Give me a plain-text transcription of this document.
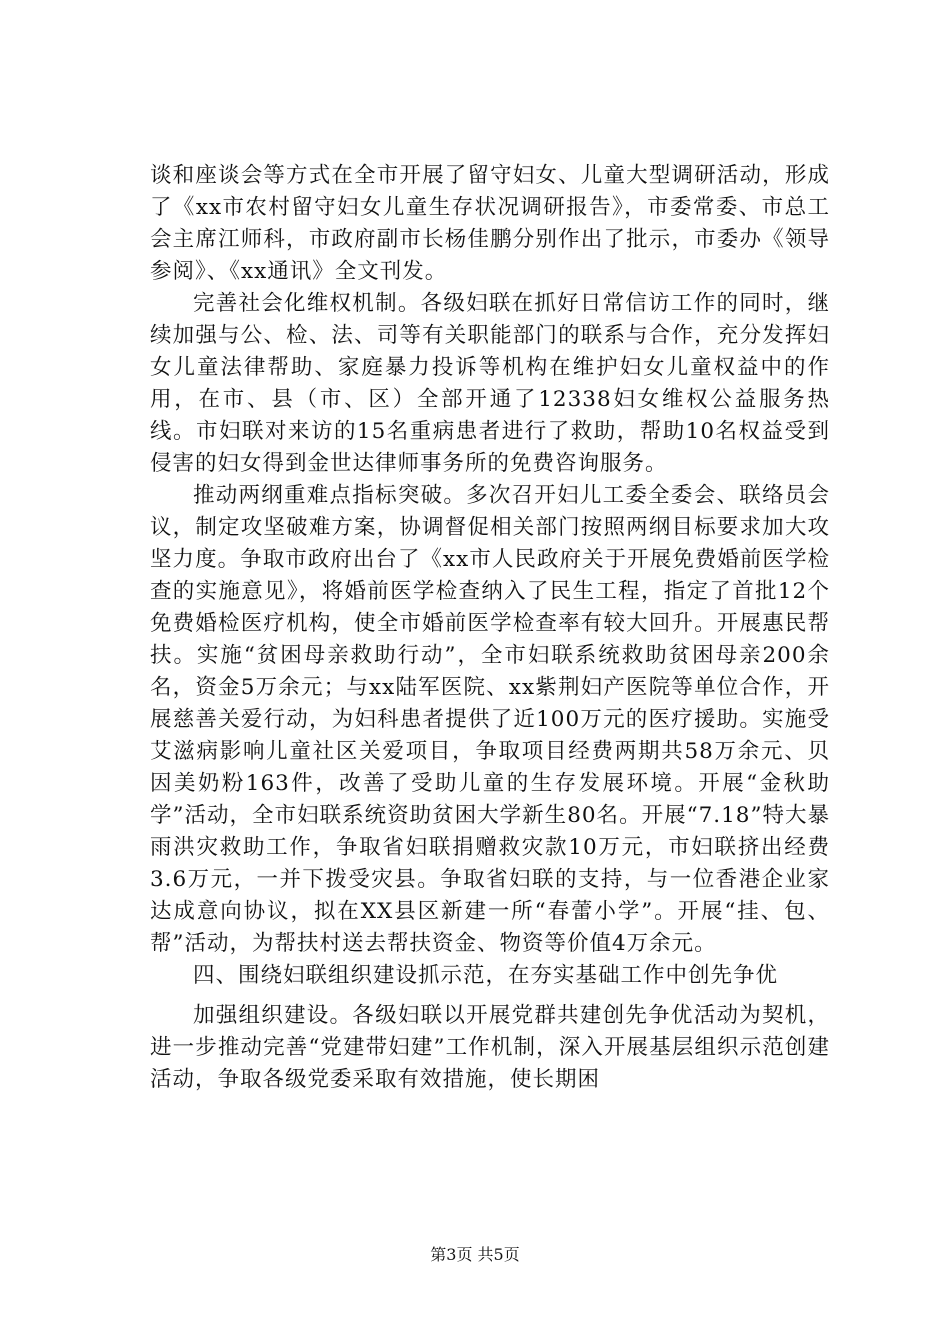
谈和座谈会等方式在全市开展了留守妇女、儿童大型调研活动，形成了《xx市农村留守妇女儿童生存状况调研报告》，市委常委、市总工会主席江师科，市政府副市长杨佳鹏分别作出了批示，市委办《领导参阅》、《xx通讯》全文刊发。

完善社会化维权机制。各级妇联在抓好日常信访工作的同时，继续加强与公、检、法、司等有关职能部门的联系与合作，充分发挥妇女儿童法律帮助、家庭暴力投诉等机构在维护妇女儿童权益中的作用，在市、县（市、区）全部开通了12338妇女维权公益服务热线。市妇联对来访的15名重病患者进行了救助，帮助10名权益受到侵害的妇女得到金世达律师事务所的免费咨询服务。

推动两纲重难点指标突破。多次召开妇儿工委全委会、联络员会议，制定攻坚破难方案，协调督促相关部门按照两纲目标要求加大攻坚力度。争取市政府出台了《xx市人民政府关于开展免费婚前医学检查的实施意见》，将婚前医学检查纳入了民生工程，指定了首批12个免费婚检医疗机构，使全市婚前医学检查率有较大回升。开展惠民帮扶。实施“贫困母亲救助行动”，全市妇联系统救助贫困母亲200余名，资金5万余元；与xx陆军医院、xx紫荆妇产医院等单位合作，开展慈善关爱行动，为妇科患者提供了近100万元的医疗援助。实施受艾滋病影响儿童社区关爱项目，争取项目经费两期共58万余元、贝因美奶粉163件，改善了受助儿童的生存发展环境。开展“金秋助学”活动，全市妇联系统资助贫困大学新生80名。开展“7.18”特大暴雨洪灾救助工作，争取省妇联捐赠救灾款10万元，市妇联挤出经费3.6万元，一并下拨受灾县。争取省妇联的支持，与一位香港企业家达成意向协议，拟在XX县区新建一所“春蕾小学”。开展“挂、包、帮”活动，为帮扶村送去帮扶资金、物资等价值4万余元。

四、围绕妇联组织建设抓示范，在夯实基础工作中创先争优

加强组织建设。各级妇联以开展党群共建创先争优活动为契机，进一步推动完善“党建带妇建”工作机制，深入开展基层组织示范创建活动，争取各级党委采取有效措施，使长期困

第3页 共5页
